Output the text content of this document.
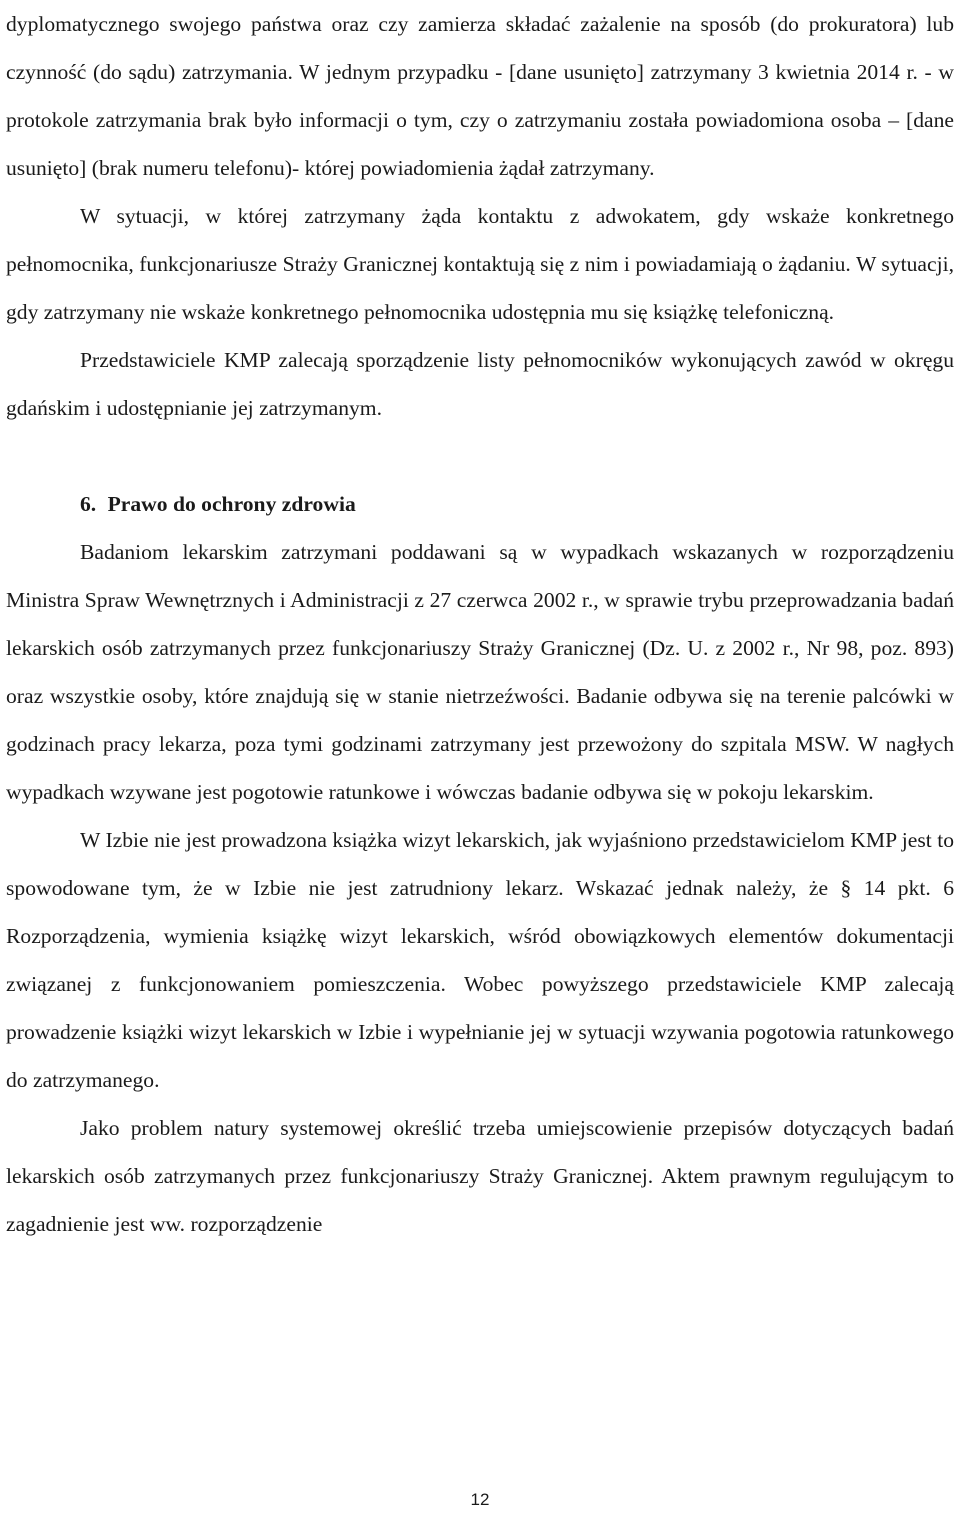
dyplomatycznego swojego państwa oraz czy zamierza składać zażalenie na sposób (do prokuratora) lub czynność (do sądu) zatrzymania. W jednym przypadku - [dane usunięto] zatrzymany 3 kwietnia 2014 r. - w protokole zatrzymania brak było informacji o tym, czy o zatrzymaniu została powiadomiona osoba – [dane usunięto] (brak numeru telefonu)- której powiadomienia żądał zatrzymany.

W sytuacji, w której zatrzymany żąda kontaktu z adwokatem, gdy wskaże konkretnego pełnomocnika, funkcjonariusze Straży Granicznej kontaktują się z nim i powiadamiają o żądaniu. W sytuacji, gdy zatrzymany nie wskaże konkretnego pełnomocnika udostępnia mu się książkę telefoniczną.

Przedstawiciele KMP zalecają sporządzenie listy pełnomocników wykonujących zawód w okręgu gdańskim i udostępnianie jej zatrzymanym.

6. Prawo do ochrony zdrowia

Badaniom lekarskim zatrzymani poddawani są w wypadkach wskazanych w rozporządzeniu Ministra Spraw Wewnętrznych i Administracji z 27 czerwca 2002 r., w sprawie trybu przeprowadzania badań lekarskich osób zatrzymanych przez funkcjonariuszy Straży Granicznej (Dz. U. z 2002 r., Nr 98, poz. 893) oraz wszystkie osoby, które znajdują się w stanie nietrzeźwości. Badanie odbywa się na terenie palcówki w godzinach pracy lekarza, poza tymi godzinami zatrzymany jest przewożony do szpitala MSW. W nagłych wypadkach wzywane jest pogotowie ratunkowe i wówczas badanie odbywa się w pokoju lekarskim.

W Izbie nie jest prowadzona książka wizyt lekarskich, jak wyjaśniono przedstawicielom KMP jest to spowodowane tym, że w Izbie nie jest zatrudniony lekarz. Wskazać jednak należy, że § 14 pkt. 6 Rozporządzenia, wymienia książkę wizyt lekarskich, wśród obowiązkowych elementów dokumentacji związanej z funkcjonowaniem pomieszczenia. Wobec powyższego przedstawiciele KMP zalecają prowadzenie książki wizyt lekarskich w Izbie i wypełnianie jej w sytuacji wzywania pogotowia ratunkowego do zatrzymanego.

Jako problem natury systemowej określić trzeba umiejscowienie przepisów dotyczących badań lekarskich osób zatrzymanych przez funkcjonariuszy Straży Granicznej. Aktem prawnym regulującym to zagadnienie jest ww. rozporządzenie

12
